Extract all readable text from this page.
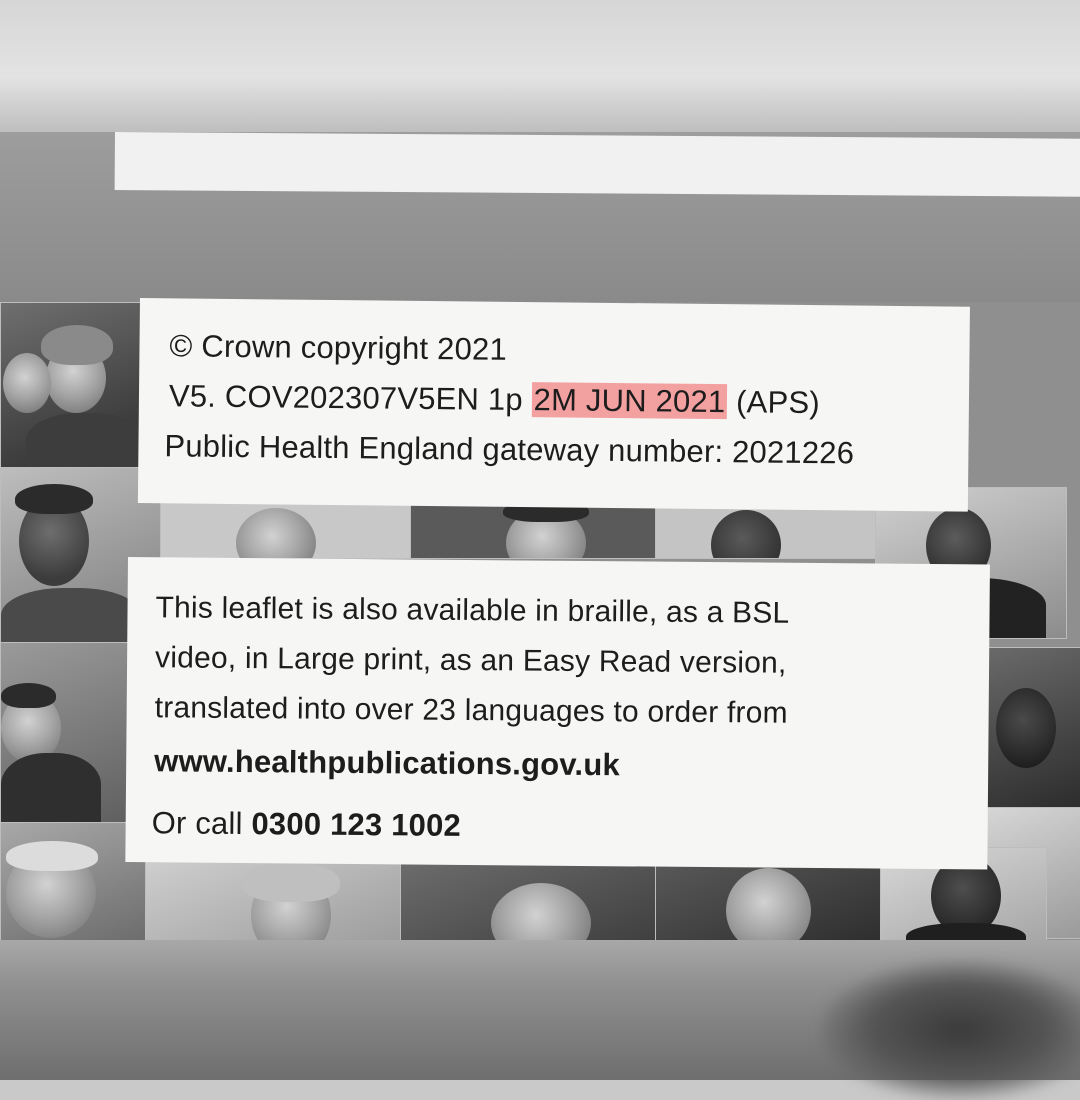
© Crown copyright 2021
V5. COV202307V5EN 1p 2M JUN 2021 (APS)
Public Health England gateway number: 2021226
This leaflet is also available in braille, as a BSL
video, in Large print, as an Easy Read version,
translated into over 23 languages to order from
www.healthpublications.gov.uk
Or call 0300 123 1002
